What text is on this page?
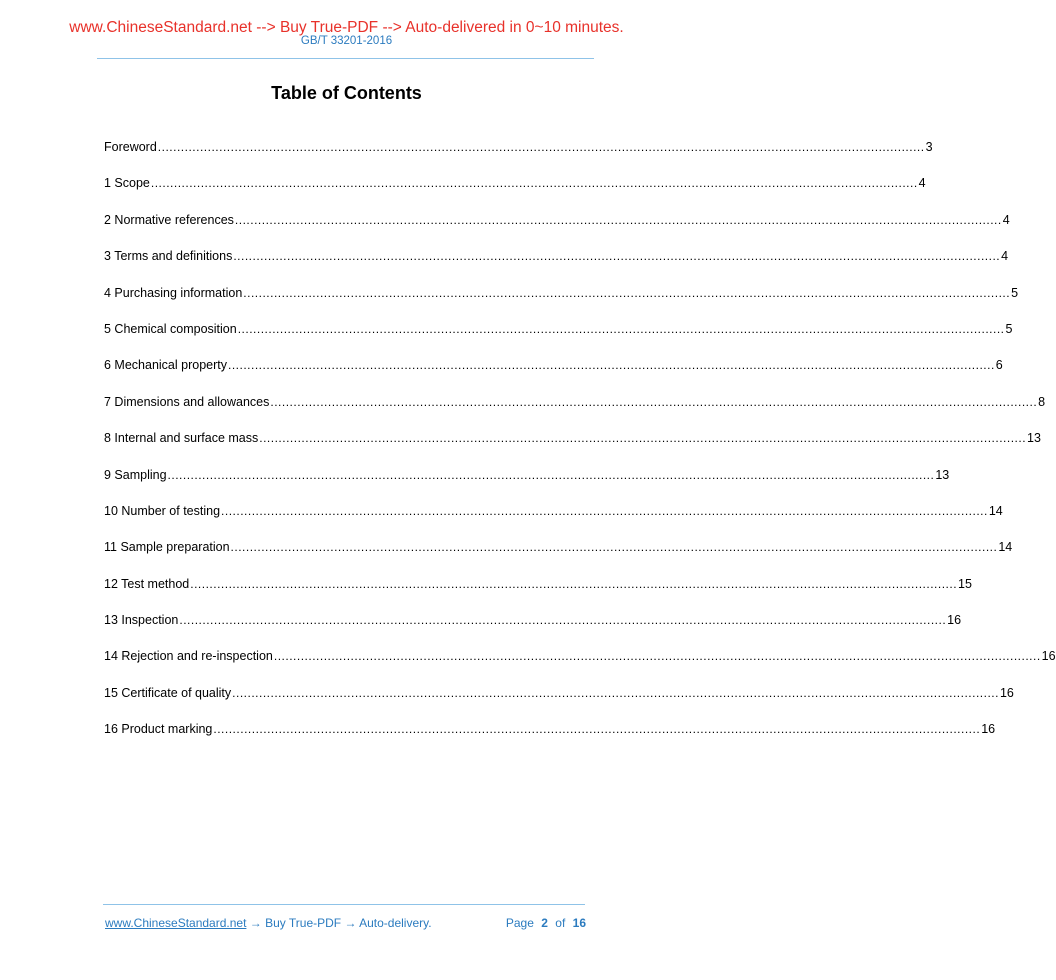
www.ChineseStandard.net --> Buy True-PDF --> Auto-delivered in 0~10 minutes.
GB/T 33201-2016
Table of Contents
Foreword ........................................................................................................................................................................................................ 3
1 Scope ........................................................................................................................................................................................................ 4
2 Normative references ........................................................................................................................................................................................................ 4
3 Terms and definitions ........................................................................................................................................................................................................ 4
4 Purchasing information ........................................................................................................................................................................................................ 5
5 Chemical composition ........................................................................................................................................................................................................ 5
6 Mechanical property ........................................................................................................................................................................................................ 6
7 Dimensions and allowances ........................................................................................................................................................................................................ 8
8 Internal and surface mass ........................................................................................................................................................................................................ 13
9 Sampling ........................................................................................................................................................................................................ 13
10 Number of testing ........................................................................................................................................................................................................ 14
11 Sample preparation ........................................................................................................................................................................................................ 14
12 Test method ........................................................................................................................................................................................................ 15
13 Inspection ........................................................................................................................................................................................................ 16
14 Rejection and re-inspection ........................................................................................................................................................................................................ 16
15 Certificate of quality ........................................................................................................................................................................................................ 16
16 Product marking ........................................................................................................................................................................................................ 16
www.ChineseStandard.net → Buy True-PDF → Auto-delivery.	Page 2 of 16
